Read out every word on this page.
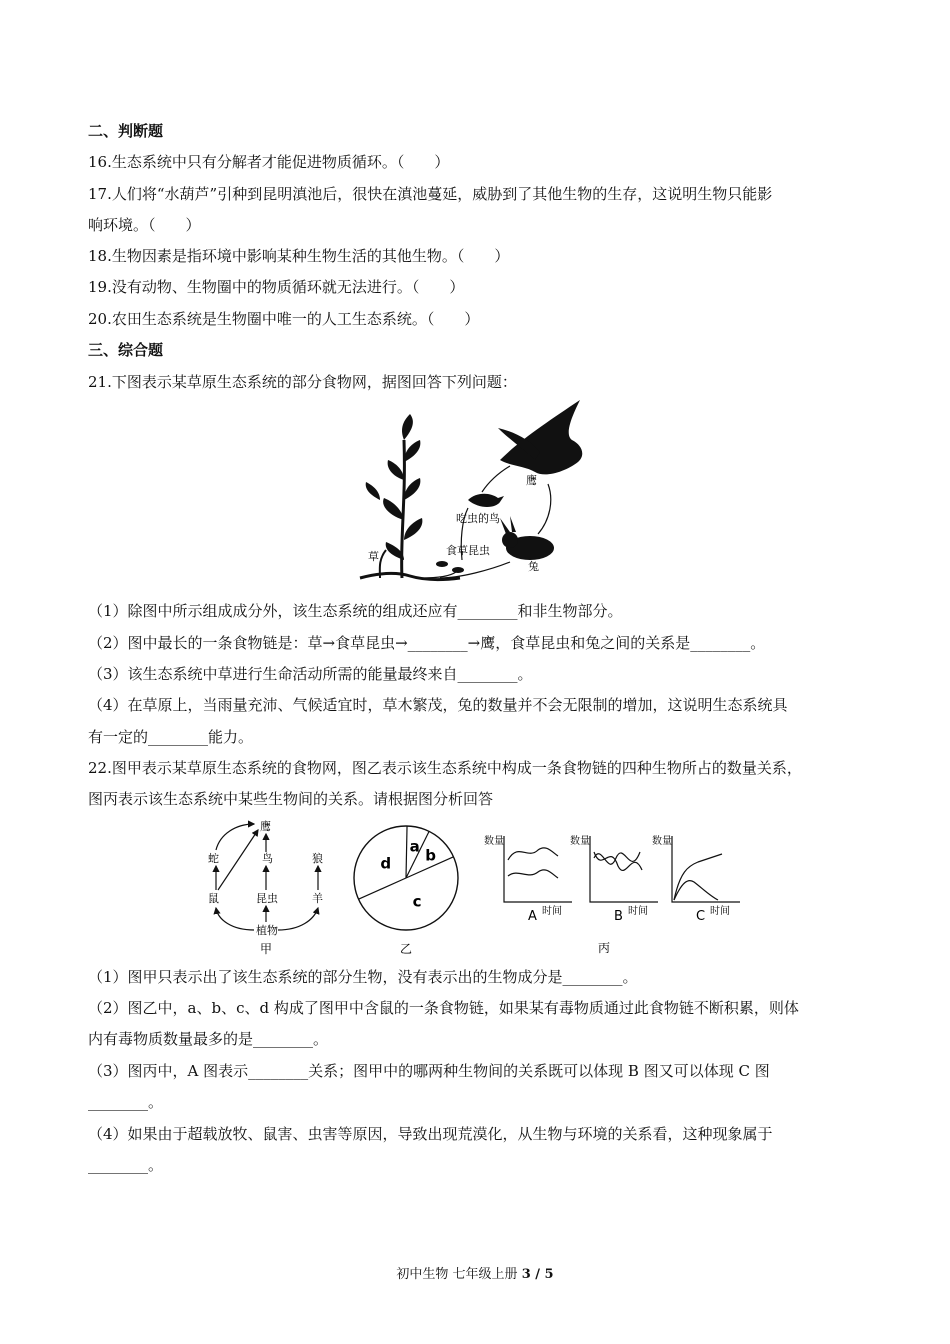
二、判断题
16.生态系统中只有分解者才能促进物质循环。（　　）
17.人们将“水葫芦”引种到昆明滇池后，很快在滇池蔓延，威胁到了其他生物的生存，这说明生物只能影
响环境。（　　）
18.生物因素是指环境中影响某种生物生活的其他生物。（　　）
19.没有动物、生物圈中的物质循环就无法进行。（　　）
20.农田生态系统是生物圈中唯一的人工生态系统。（　　）
三、综合题
21.下图表示某草原生态系统的部分食物网，据图回答下列问题：
鹰
吃虫的鸟
草	食草昆虫
兔
（1）除图中所示组成成分外，该生态系统的组成还应有________和非生物部分。
（2）图中最长的一条食物链是：草→食草昆虫→________→鹰，食草昆虫和兔之间的关系是________。
（3）该生态系统中草进行生命活动所需的能量最终来自________。
（4）在草原上，当雨量充沛、气候适宜时，草木繁茂，兔的数量并不会无限制的增加，这说明生态系统具
有一定的________能力。
22.图甲表示某草原生态系统的食物网，图乙表示该生态系统中构成一条食物链的四种生物所占的数量关系，
图丙表示该生态系统中某些生物间的关系。请根据图分析回答
鹰
蛇	鸟	狼
鼠	昆虫	羊
植物
甲
a b
c
d
乙
数量
时间
A
数量
时间
B
数量
时间
C
丙
（1）图甲只表示出了该生态系统的部分生物，没有表示出的生物成分是________。
（2）图乙中，a、b、c、d 构成了图甲中含鼠的一条食物链，如果某有毒物质通过此食物链不断积累，则体
内有毒物质数量最多的是________。
（3）图丙中，A 图表示________关系；图甲中的哪两种生物间的关系既可以体现 B 图又可以体现 C 图
________。
（4）如果由于超载放牧、鼠害、虫害等原因，导致出现荒漠化，从生物与环境的关系看，这种现象属于
________。
初中生物 七年级上册 3 / 5
